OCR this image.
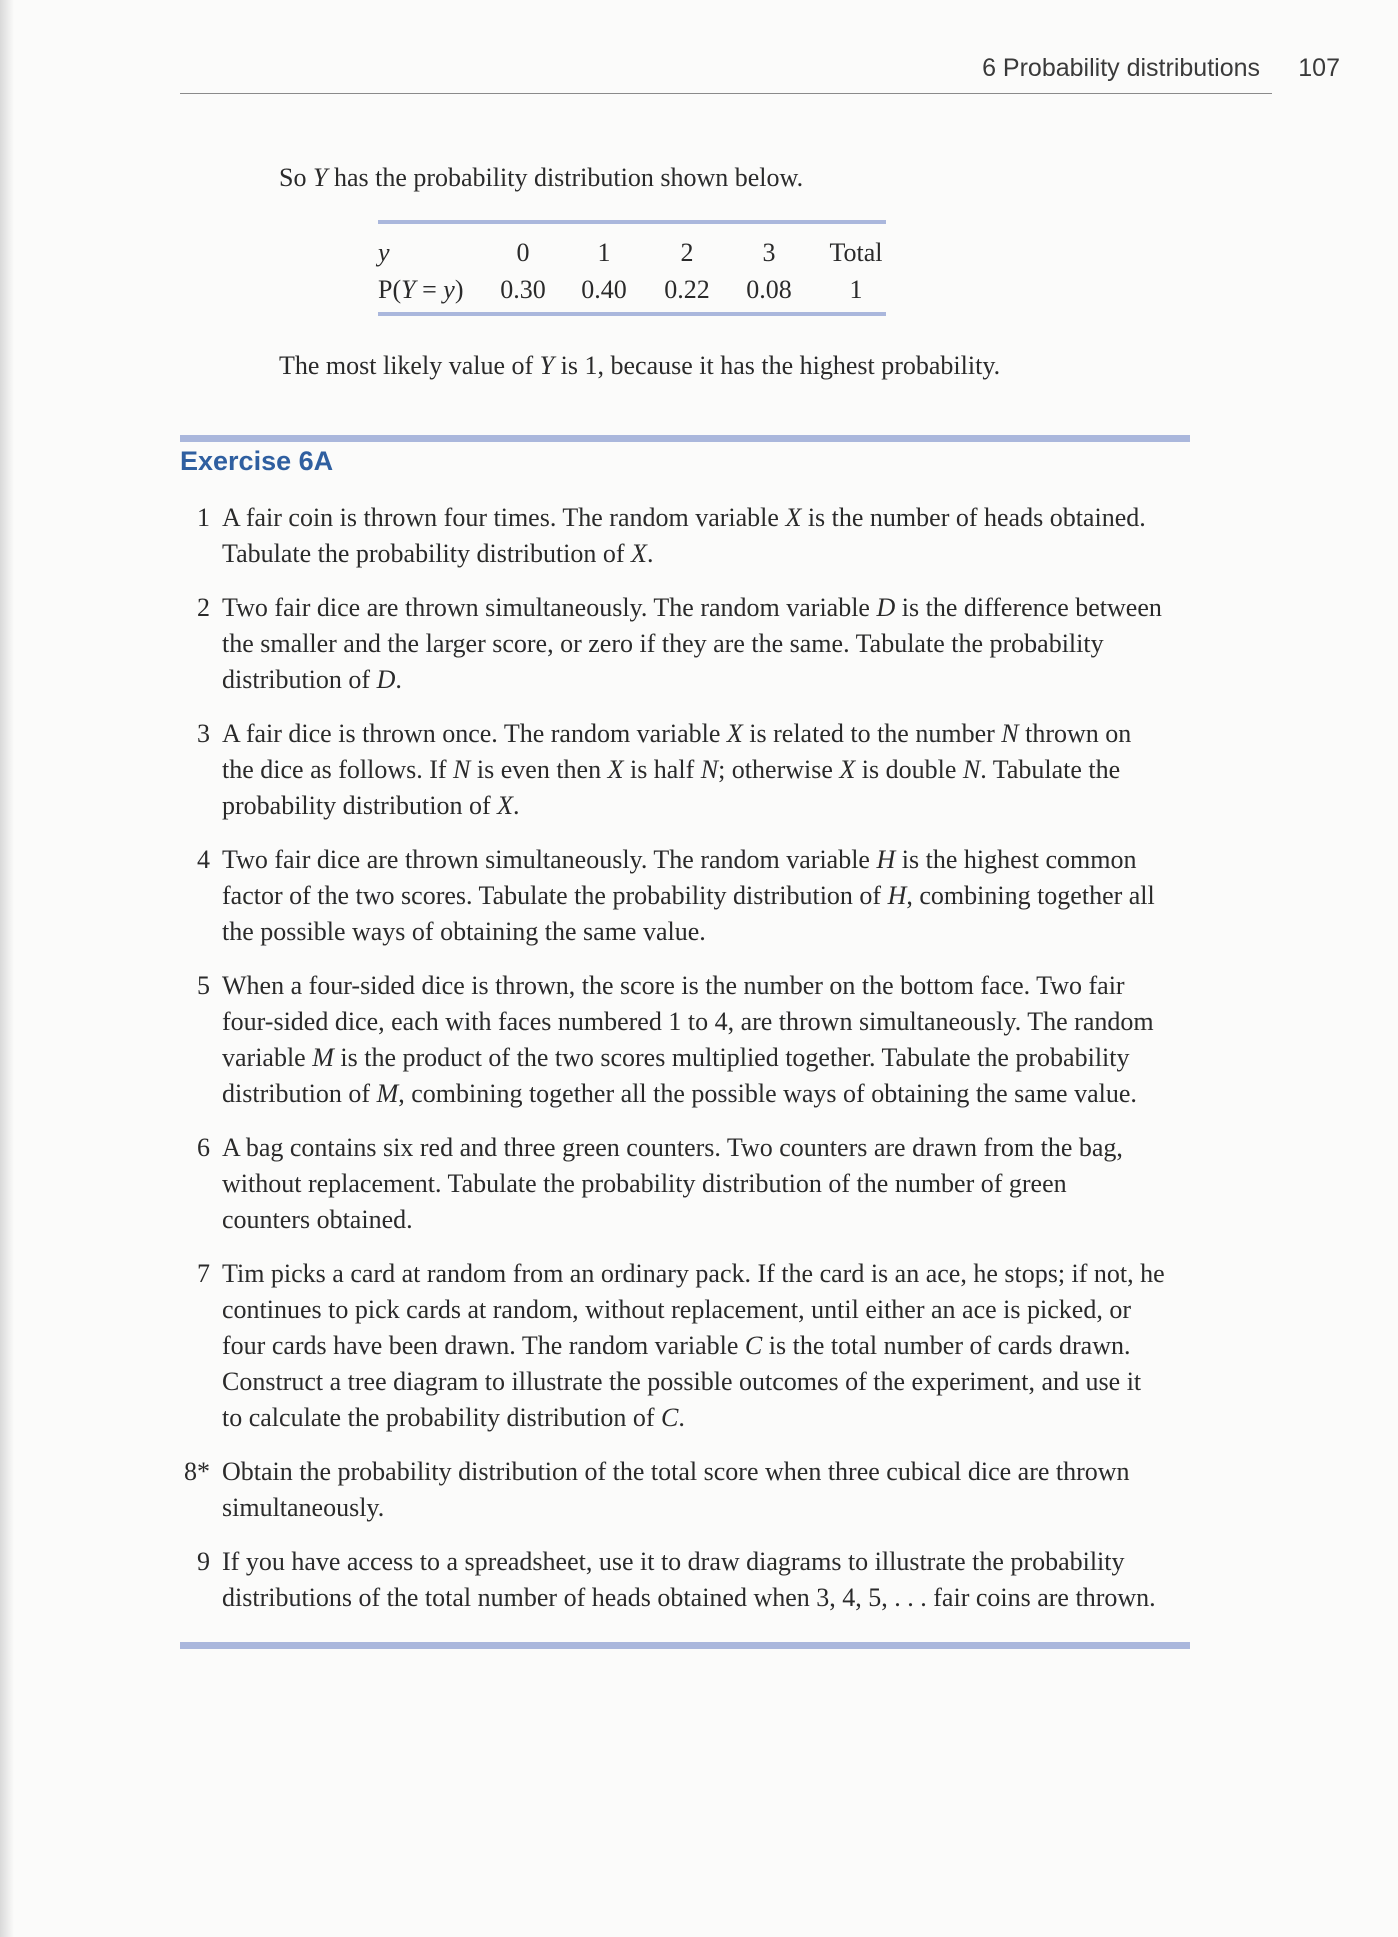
6 Probability distributions 107
So Y has the probability distribution shown below.
y	0	1	2	3 Total
P(Y = y) 0.30 0.40 0.22 0.08 1
The most likely value of Y is 1, because it has the highest probability.
Exercise 6A
1 A fair coin is thrown four times. The random variable X is the number of heads obtained.
Tabulate the probability distribution of X.
2 Two fair dice are thrown simultaneously. The random variable D is the difference between
the smaller and the larger score, or zero if they are the same. Tabulate the probability
distribution of D.
3 A fair dice is thrown once. The random variable X is related to the number N thrown on
the dice as follows. If N is even then X is half N; otherwise X is double N. Tabulate the
probability distribution of X.
4 Two fair dice are thrown simultaneously. The random variable H is the highest common
factor of the two scores. Tabulate the probability distribution of H, combining together all
the possible ways of obtaining the same value.
5 When a four-sided dice is thrown, the score is the number on the bottom face. Two fair
four-sided dice, each with faces numbered 1 to 4, are thrown simultaneously. The random
variable M is the product of the two scores multiplied together. Tabulate the probability
distribution of M, combining together all the possible ways of obtaining the same value.
6 A bag contains six red and three green counters. Two counters are drawn from the bag,
without replacement. Tabulate the probability distribution of the number of green
counters obtained.
7 Tim picks a card at random from an ordinary pack. If the card is an ace, he stops; if not, he
continues to pick cards at random, without replacement, until either an ace is picked, or
four cards have been drawn. The random variable C is the total number of cards drawn.
Construct a tree diagram to illustrate the possible outcomes of the experiment, and use it
to calculate the probability distribution of C.
8* Obtain the probability distribution of the total score when three cubical dice are thrown
simultaneously.
9 If you have access to a spreadsheet, use it to draw diagrams to illustrate the probability
distributions of the total number of heads obtained when 3, 4, 5, . . . fair coins are thrown.
